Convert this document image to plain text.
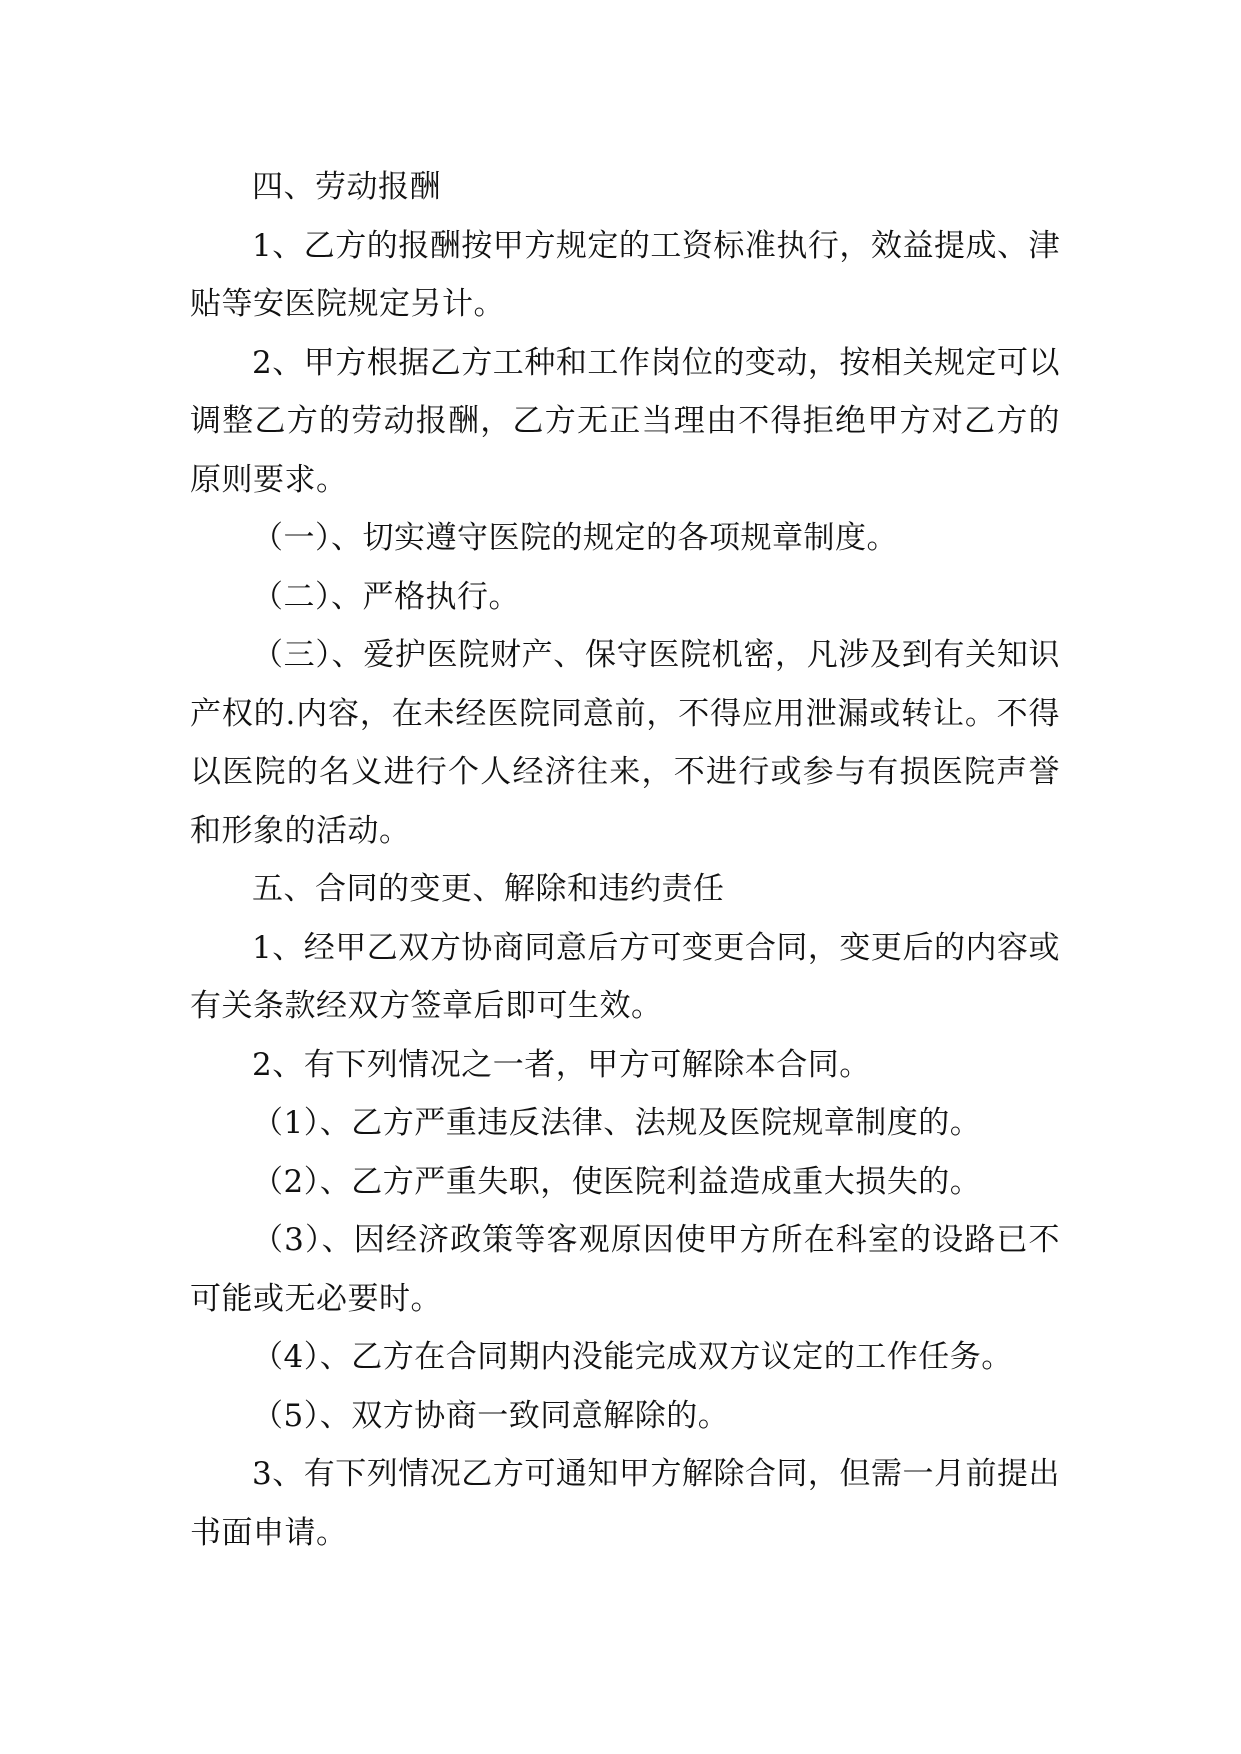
四、劳动报酬

1、乙方的报酬按甲方规定的工资标准执行，效益提成、津贴等安医院规定另计。

2、甲方根据乙方工种和工作岗位的变动，按相关规定可以调整乙方的劳动报酬，乙方无正当理由不得拒绝甲方对乙方的原则要求。

（一）、切实遵守医院的规定的各项规章制度。

（二）、严格执行。

（三）、爱护医院财产、保守医院机密，凡涉及到有关知识产权的.内容，在未经医院同意前，不得应用泄漏或转让。不得以医院的名义进行个人经济往来，不进行或参与有损医院声誉和形象的活动。

五、合同的变更、解除和违约责任

1、经甲乙双方协商同意后方可变更合同，变更后的内容或有关条款经双方签章后即可生效。

2、有下列情况之一者，甲方可解除本合同。

（1）、乙方严重违反法律、法规及医院规章制度的。

（2）、乙方严重失职，使医院利益造成重大损失的。

（3）、因经济政策等客观原因使甲方所在科室的设路已不可能或无必要时。

（4）、乙方在合同期内没能完成双方议定的工作任务。

（5）、双方协商一致同意解除的。

3、有下列情况乙方可通知甲方解除合同，但需一月前提出书面申请。
